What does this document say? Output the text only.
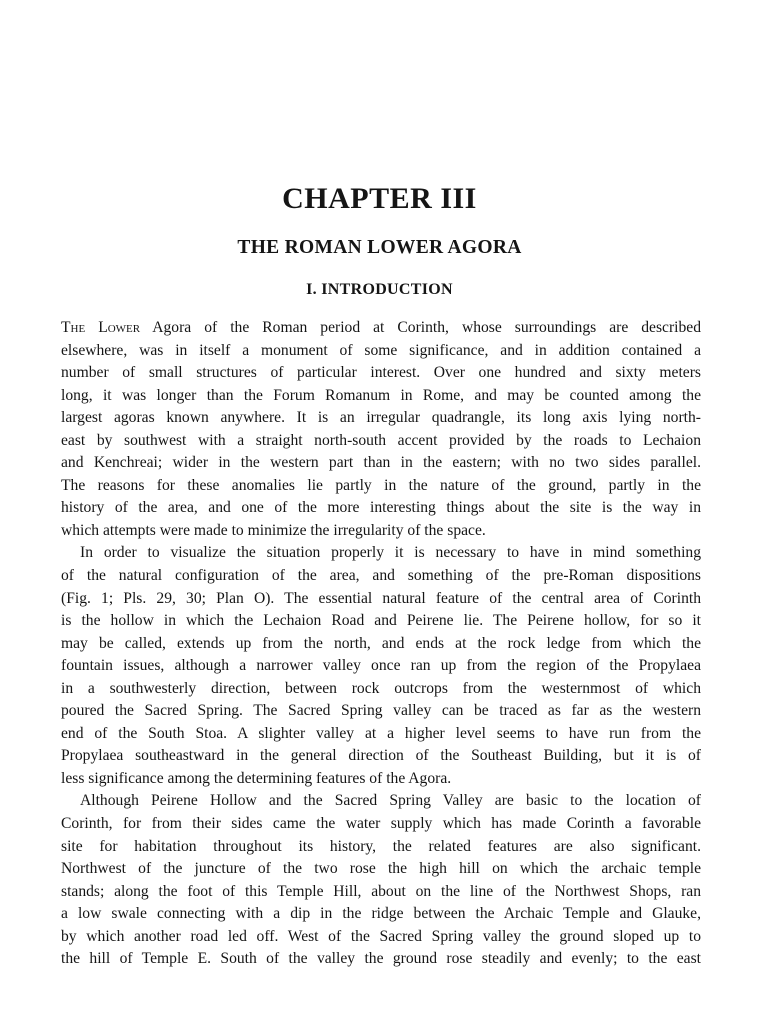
CHAPTER III
THE ROMAN LOWER AGORA
I. INTRODUCTION

The Lower Agora of the Roman period at Corinth, whose surroundings are described
elsewhere, was in itself a monument of some significance, and in addition contained a
number of small structures of particular interest. Over one hundred and sixty meters
long, it was longer than the Forum Romanum in Rome, and may be counted among the
largest agoras known anywhere. It is an irregular quadrangle, its long axis lying north-
east by southwest with a straight north-south accent provided by the roads to Lechaion
and Kenchreai; wider in the western part than in the eastern; with no two sides parallel.
The reasons for these anomalies lie partly in the nature of the ground, partly in the
history of the area, and one of the more interesting things about the site is the way in
which attempts were made to minimize the irregularity of the space.

In order to visualize the situation properly it is necessary to have in mind something
of the natural configuration of the area, and something of the pre-Roman dispositions
(Fig. 1; Pls. 29, 30; Plan O). The essential natural feature of the central area of Corinth
is the hollow in which the Lechaion Road and Peirene lie. The Peirene hollow, for so it
may be called, extends up from the north, and ends at the rock ledge from which the
fountain issues, although a narrower valley once ran up from the region of the Propylaea
in a southwesterly direction, between rock outcrops from the westernmost of which
poured the Sacred Spring. The Sacred Spring valley can be traced as far as the western
end of the South Stoa. A slighter valley at a higher level seems to have run from the
Propylaea southeastward in the general direction of the Southeast Building, but it is of
less significance among the determining features of the Agora.

Although Peirene Hollow and the Sacred Spring Valley are basic to the location of
Corinth, for from their sides came the water supply which has made Corinth a favorable
site for habitation throughout its history, the related features are also significant.
Northwest of the juncture of the two rose the high hill on which the archaic temple
stands; along the foot of this Temple Hill, about on the line of the Northwest Shops, ran
a low swale connecting with a dip in the ridge between the Archaic Temple and Glauke,
by which another road led off. West of the Sacred Spring valley the ground sloped up to
the hill of Temple E. South of the valley the ground rose steadily and evenly; to the east
